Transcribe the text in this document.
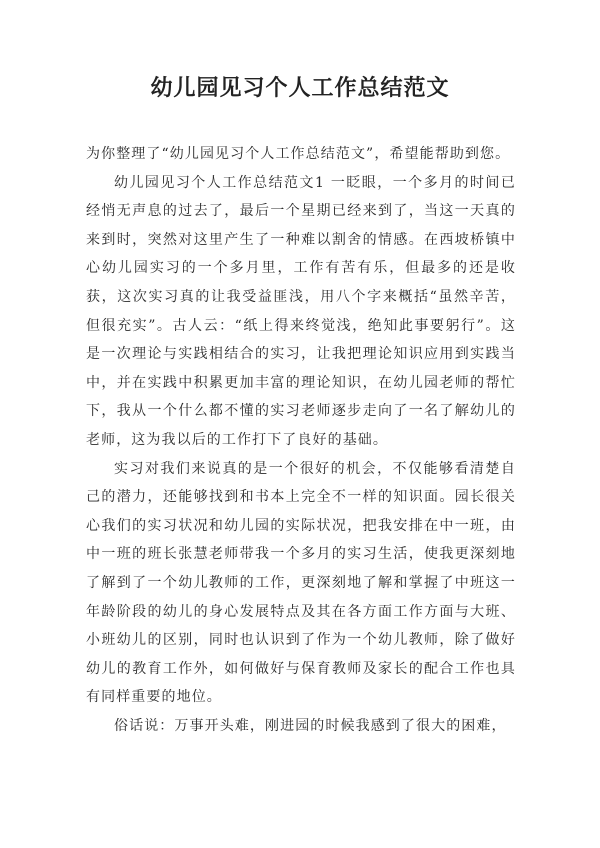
幼儿园见习个人工作总结范文

为你整理了“幼儿园见习个人工作总结范文”，希望能帮助到您。

幼儿园见习个人工作总结范文1 一眨眼，一个多月的时间已经悄无声息的过去了，最后一个星期已经来到了，当这一天真的来到时，突然对这里产生了一种难以割舍的情感。在西坡桥镇中心幼儿园实习的一个多月里，工作有苦有乐，但最多的还是收获，这次实习真的让我受益匪浅，用八个字来概括“虽然辛苦，但很充实”。古人云：“纸上得来终觉浅，绝知此事要躬行”。这是一次理论与实践相结合的实习，让我把理论知识应用到实践当中，并在实践中积累更加丰富的理论知识，在幼儿园老师的帮忙下，我从一个什么都不懂的实习老师逐步走向了一名了解幼儿的老师，这为我以后的工作打下了良好的基础。

实习对我们来说真的是一个很好的机会，不仅能够看清楚自己的潜力，还能够找到和书本上完全不一样的知识面。园长很关心我们的实习状况和幼儿园的实际状况，把我安排在中一班，由中一班的班长张慧老师带我一个多月的实习生活，使我更深刻地了解到了一个幼儿教师的工作，更深刻地了解和掌握了中班这一年龄阶段的幼儿的身心发展特点及其在各方面工作方面与大班、小班幼儿的区别，同时也认识到了作为一个幼儿教师，除了做好幼儿的教育工作外，如何做好与保育教师及家长的配合工作也具有同样重要的地位。

俗话说：万事开头难，刚进园的时候我感到了很大的困难，
